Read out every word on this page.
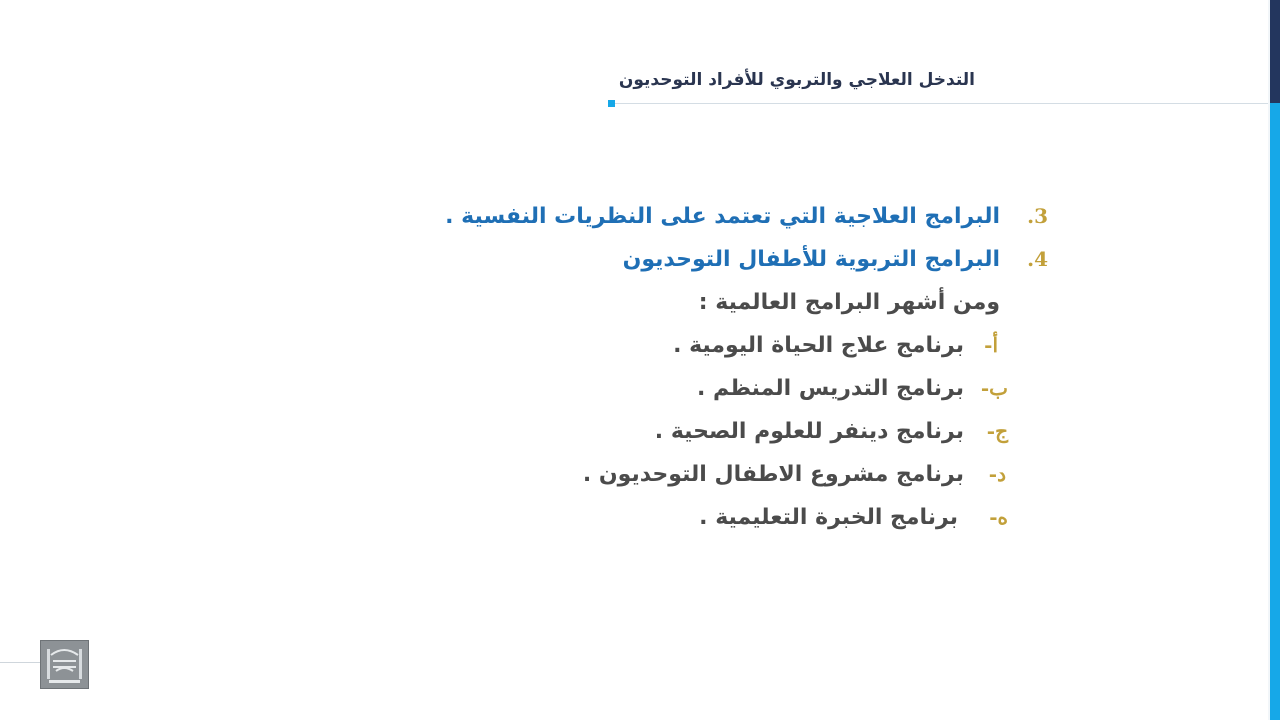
التدخل العلاجي والتربوي للأفراد التوحديون
3.
البرامج العلاجية التي تعتمد على النظريات النفسية .
4.
البرامج التربوية للأطفال التوحديون
ومن أشهر البرامج العالمية :
أ-
برنامج علاج الحياة اليومية .
ب-
برنامج التدريس المنظم .
ج-
برنامج دينفر للعلوم الصحية .
د-
برنامج مشروع الاطفال التوحديون .
ه-
برنامج الخبرة التعليمية .
